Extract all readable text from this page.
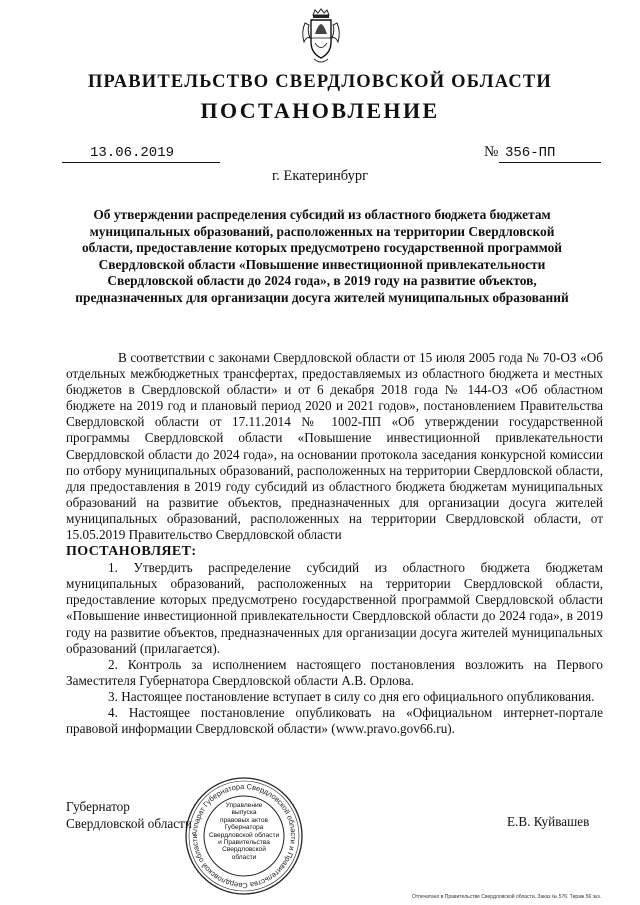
ПРАВИТЕЛЬСТВО СВЕРДЛОВСКОЙ ОБЛАСТИ
ПОСТАНОВЛЕНИЕ
13.06.2019	№ 356-ПП
г. Екатеринбург
Об утверждении распределения субсидий из областного бюджета бюджетам муниципальных образований, расположенных на территории Свердловской области, предоставление которых предусмотрено государственной программой Свердловской области «Повышение инвестиционной привлекательности Свердловской области до 2024 года», в 2019 году на развитие объектов, предназначенных для организации досуга жителей муниципальных образований

В соответствии с законами Свердловской области от 15 июля 2005 года № 70-ОЗ «Об отдельных межбюджетных трансфертах, предоставляемых из областного бюджета и местных бюджетов в Свердловской области» и от 6 декабря 2018 года № 144-ОЗ «Об областном бюджете на 2019 год и плановый период 2020 и 2021 годов», постановлением Правительства Свердловской области от 17.11.2014 № 1002-ПП «Об утверждении государственной программы Свердловской области «Повышение инвестиционной привлекательности Свердловской области до 2024 года», на основании протокола заседания конкурсной комиссии по отбору муниципальных образований, расположенных на территории Свердловской области, для предоставления в 2019 году субсидий из областного бюджета бюджетам муниципальных образований на развитие объектов, предназначенных для организации досуга жителей муниципальных образований, расположенных на территории Свердловской области, от 15.05.2019 Правительство Свердловской области

ПОСТАНОВЛЯЕТ:

1. Утвердить распределение субсидий из областного бюджета бюджетам муниципальных образований, расположенных на территории Свердловской области, предоставление которых предусмотрено государственной программой Свердловской области «Повышение инвестиционной привлекательности Свердловской области до 2024 года», в 2019 году на развитие объектов, предназначенных для организации досуга жителей муниципальных образований (прилагается).

2. Контроль за исполнением настоящего постановления возложить на Первого Заместителя Губернатора Свердловской области А.В. Орлова.

3. Настоящее постановление вступает в силу со дня его официального опубликования.

4. Настоящее постановление опубликовать на «Официальном интернет-портале правовой информации Свердловской области» (www.pravo.gov66.ru).

Губернатор
Свердловской области
Аппарат Губернатора Свердловской области и Правительства Свердловской области
Управление
выпуска
правовых актов
Губернатора
Свердловской области
и Правительства
Свердловской
области
Е.В. Куйвашев
Отпечатано в Правительстве Свердловской области. Заказ № 576. Тираж 56 экз.
